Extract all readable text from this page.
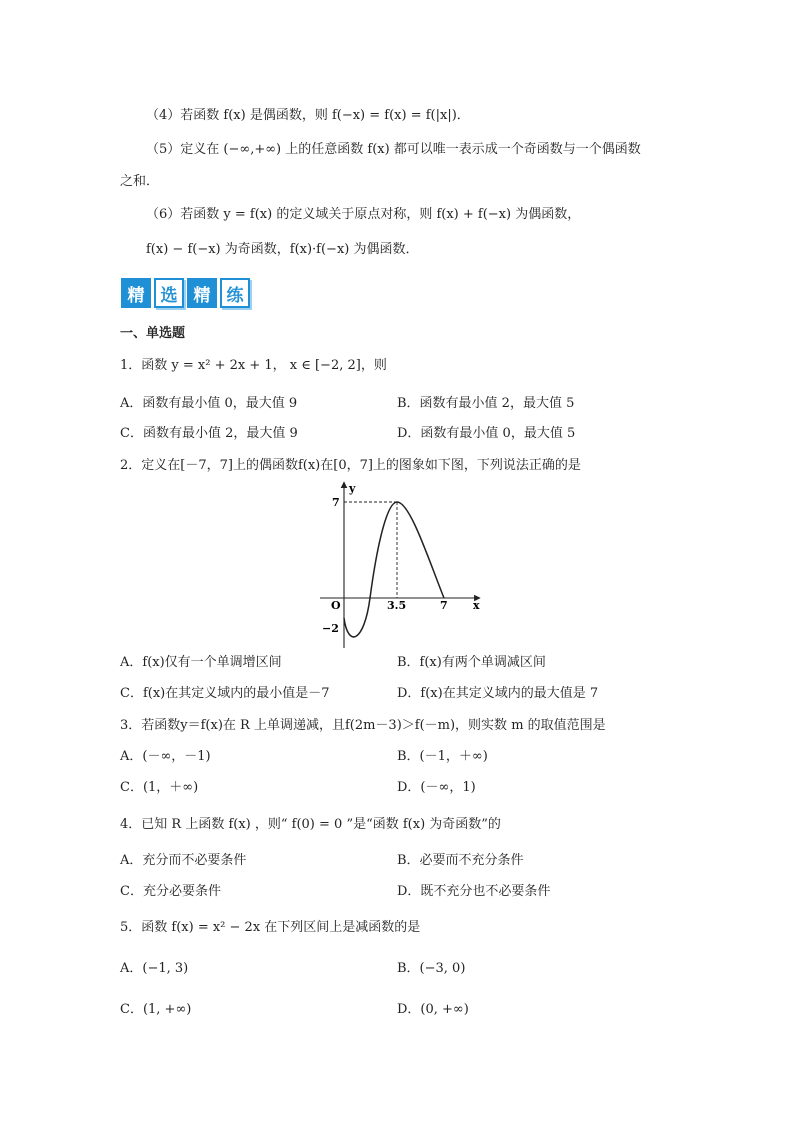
（4）若函数 f(x) 是偶函数，则 f(−x) = f(x) = f(|x|)．
（5）定义在 (−∞,+∞) 上的任意函数 f(x) 都可以唯一表示成一个奇函数与一个偶函数
之和．
（6）若函数 y = f(x) 的定义域关于原点对称，则 f(x) + f(−x) 为偶函数，
f(x) − f(−x) 为奇函数，f(x)·f(−x) 为偶函数．
精 选 精 练
一、单选题
1．函数 y = x² + 2x + 1， x ∈ [−2, 2]，则
A．函数有最小值 0，最大值 9	B．函数有最小值 2，最大值 5
C．函数有最小值 2，最大值 9	D．函数有最小值 0，最大值 5
2．定义在[－7，7]上的偶函数f(x)在[0，7]上的图象如下图，下列说法正确的是
y
x
O
7
−2
3.5	7
A．f(x)仅有一个单调增区间	B．f(x)有两个单调减区间
C．f(x)在其定义域内的最小值是－7	D．f(x)在其定义域内的最大值是 7
3．若函数y＝f(x)在 R 上单调递减，且f(2m－3)＞f(－m)，则实数 m 的取值范围是
A．(－∞，－1)	B．(－1，＋∞)
C．(1，＋∞)	D．(－∞，1)
4．已知 R 上函数 f(x) ，则“ f(0) = 0 ”是“函数 f(x) 为奇函数”的
A．充分而不必要条件	B．必要而不充分条件
C．充分必要条件	D．既不充分也不必要条件
5．函数 f(x) = x² − 2x 在下列区间上是减函数的是
A．(−1, 3)	B．(−3, 0)
C．(1, +∞)	D．(0, +∞)
